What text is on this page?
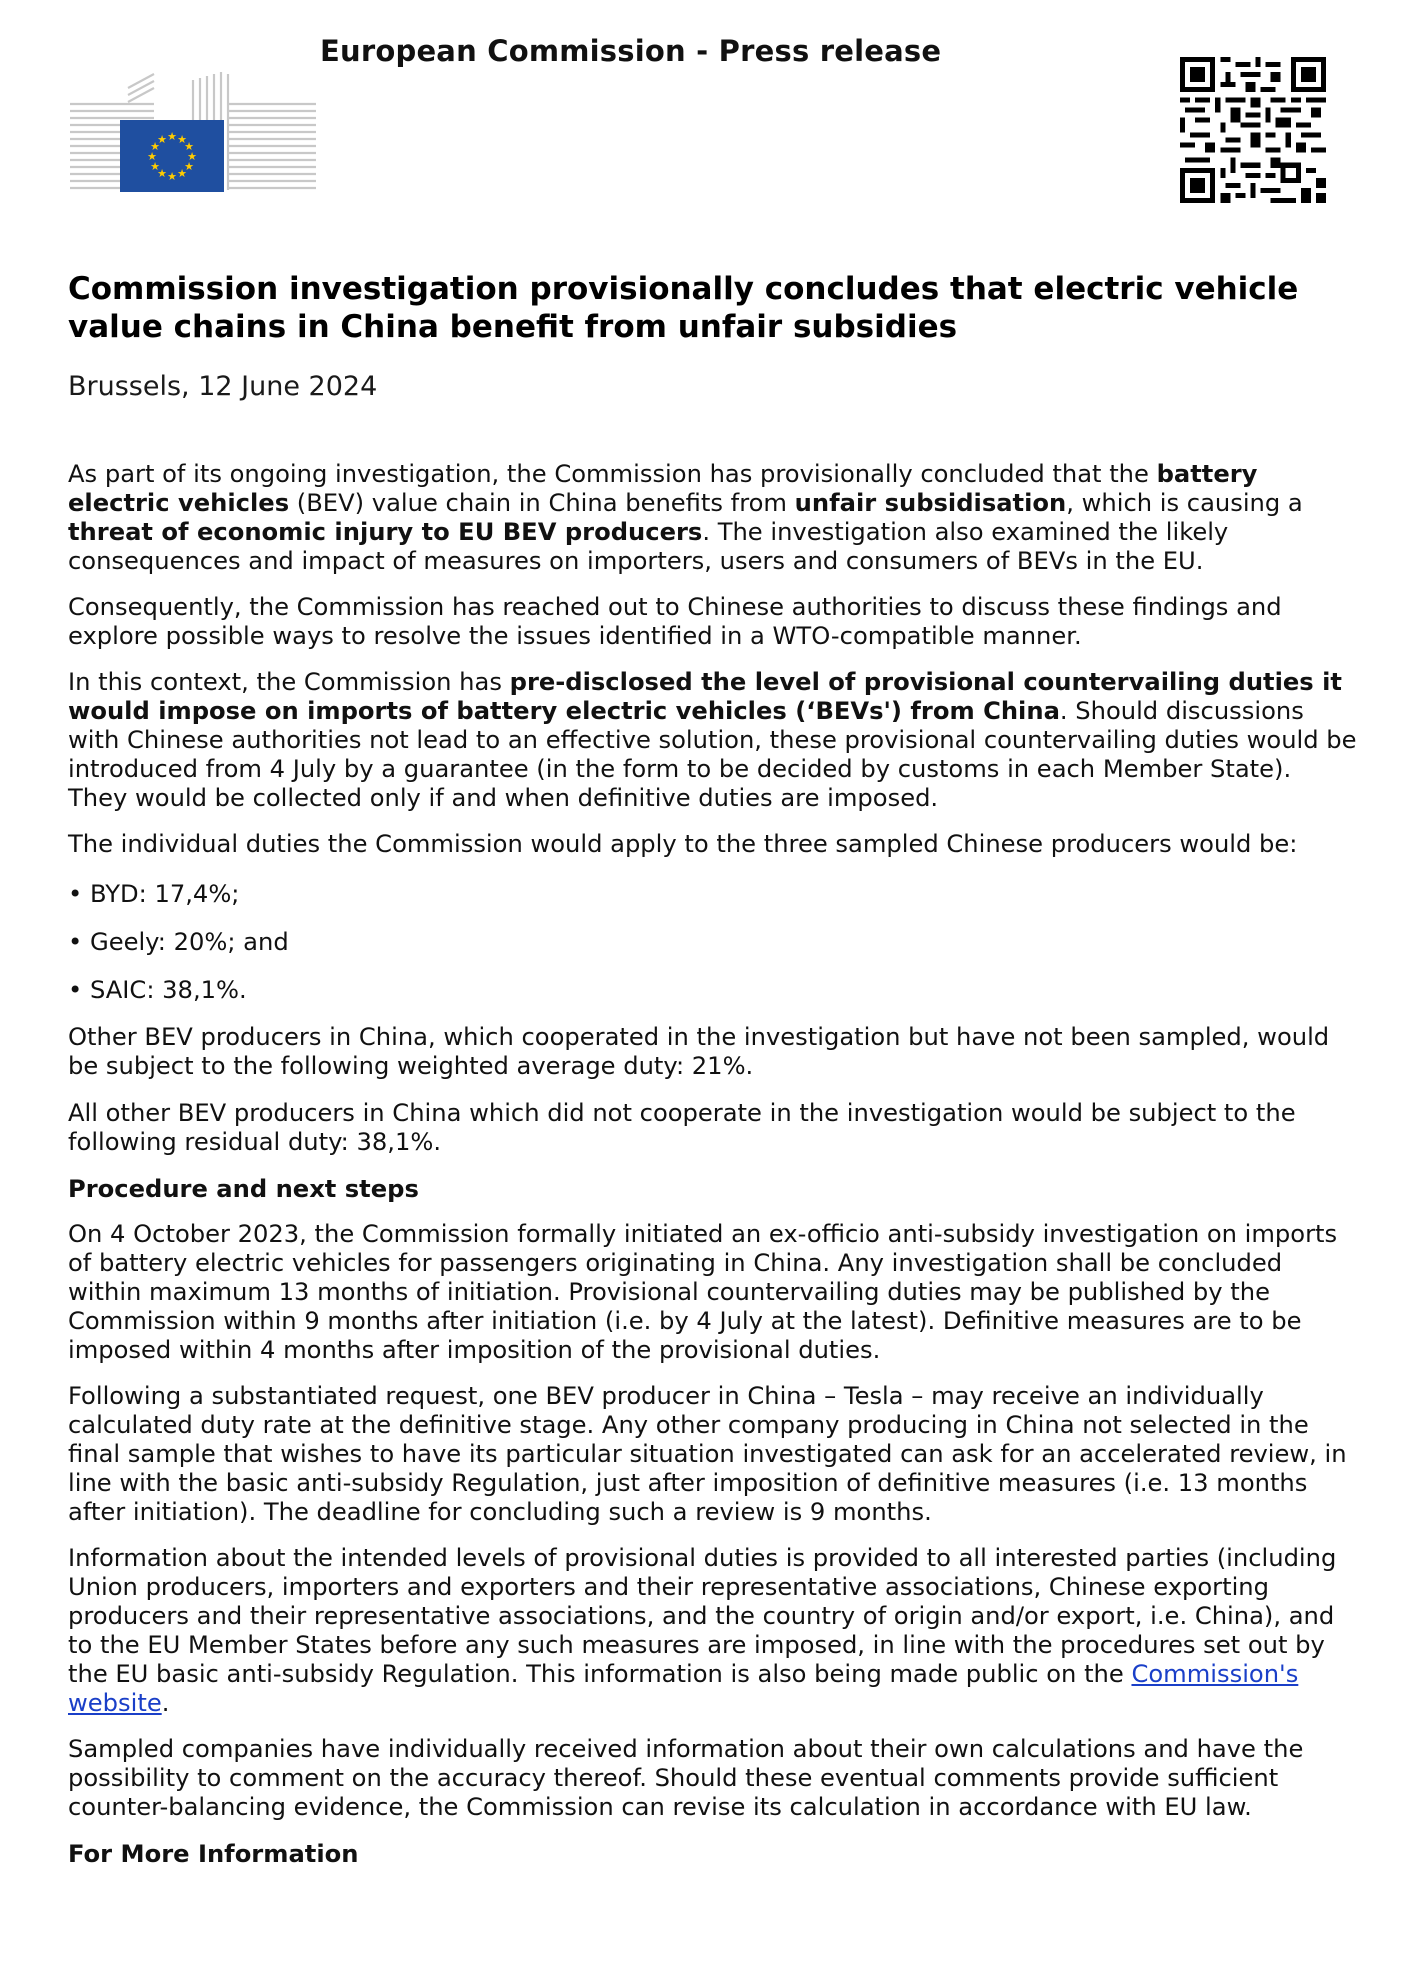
European Commission - Press release
★ ★
★
★
★
★
★
★
★
★
★
★
Commission investigation provisionally concludes that electric vehicle value chains in China benefit from unfair subsidies
Brussels, 12 June 2024

As part of its ongoing investigation, the Commission has provisionally concluded that the battery electric vehicles (BEV) value chain in China benefits from unfair subsidisation, which is causing a threat of economic injury to EU BEV producers. The investigation also examined the likely consequences and impact of measures on importers, users and consumers of BEVs in the EU.

Consequently, the Commission has reached out to Chinese authorities to discuss these findings and explore possible ways to resolve the issues identified in a WTO-compatible manner.

In this context, the Commission has pre-disclosed the level of provisional countervailing duties it would impose on imports of battery electric vehicles (‘BEVs') from China. Should discussions with Chinese authorities not lead to an effective solution, these provisional countervailing duties would be introduced from 4 July by a guarantee (in the form to be decided by customs in each Member State). They would be collected only if and when definitive duties are imposed.

The individual duties the Commission would apply to the three sampled Chinese producers would be:

• BYD: 17,4%;
• Geely: 20%; and
• SAIC: 38,1%.

Other BEV producers in China, which cooperated in the investigation but have not been sampled, would be subject to the following weighted average duty: 21%.

All other BEV producers in China which did not cooperate in the investigation would be subject to the following residual duty: 38,1%.

Procedure and next steps

On 4 October 2023, the Commission formally initiated an ex-officio anti-subsidy investigation on imports of battery electric vehicles for passengers originating in China. Any investigation shall be concluded within maximum 13 months of initiation. Provisional countervailing duties may be published by the Commission within 9 months after initiation (i.e. by 4 July at the latest). Definitive measures are to be imposed within 4 months after imposition of the provisional duties.

Following a substantiated request, one BEV producer in China – Tesla – may receive an individually calculated duty rate at the definitive stage. Any other company producing in China not selected in the final sample that wishes to have its particular situation investigated can ask for an accelerated review, in line with the basic anti-subsidy Regulation, just after imposition of definitive measures (i.e. 13 months after initiation). The deadline for concluding such a review is 9 months.

Information about the intended levels of provisional duties is provided to all interested parties (including Union producers, importers and exporters and their representative associations, Chinese exporting producers and their representative associations, and the country of origin and/or export, i.e. China), and to the EU Member States before any such measures are imposed, in line with the procedures set out by the EU basic anti-subsidy Regulation. This information is also being made public on the Commission's website.

Sampled companies have individually received information about their own calculations and have the possibility to comment on the accuracy thereof. Should these eventual comments provide sufficient counter-balancing evidence, the Commission can revise its calculation in accordance with EU law.

For More Information
